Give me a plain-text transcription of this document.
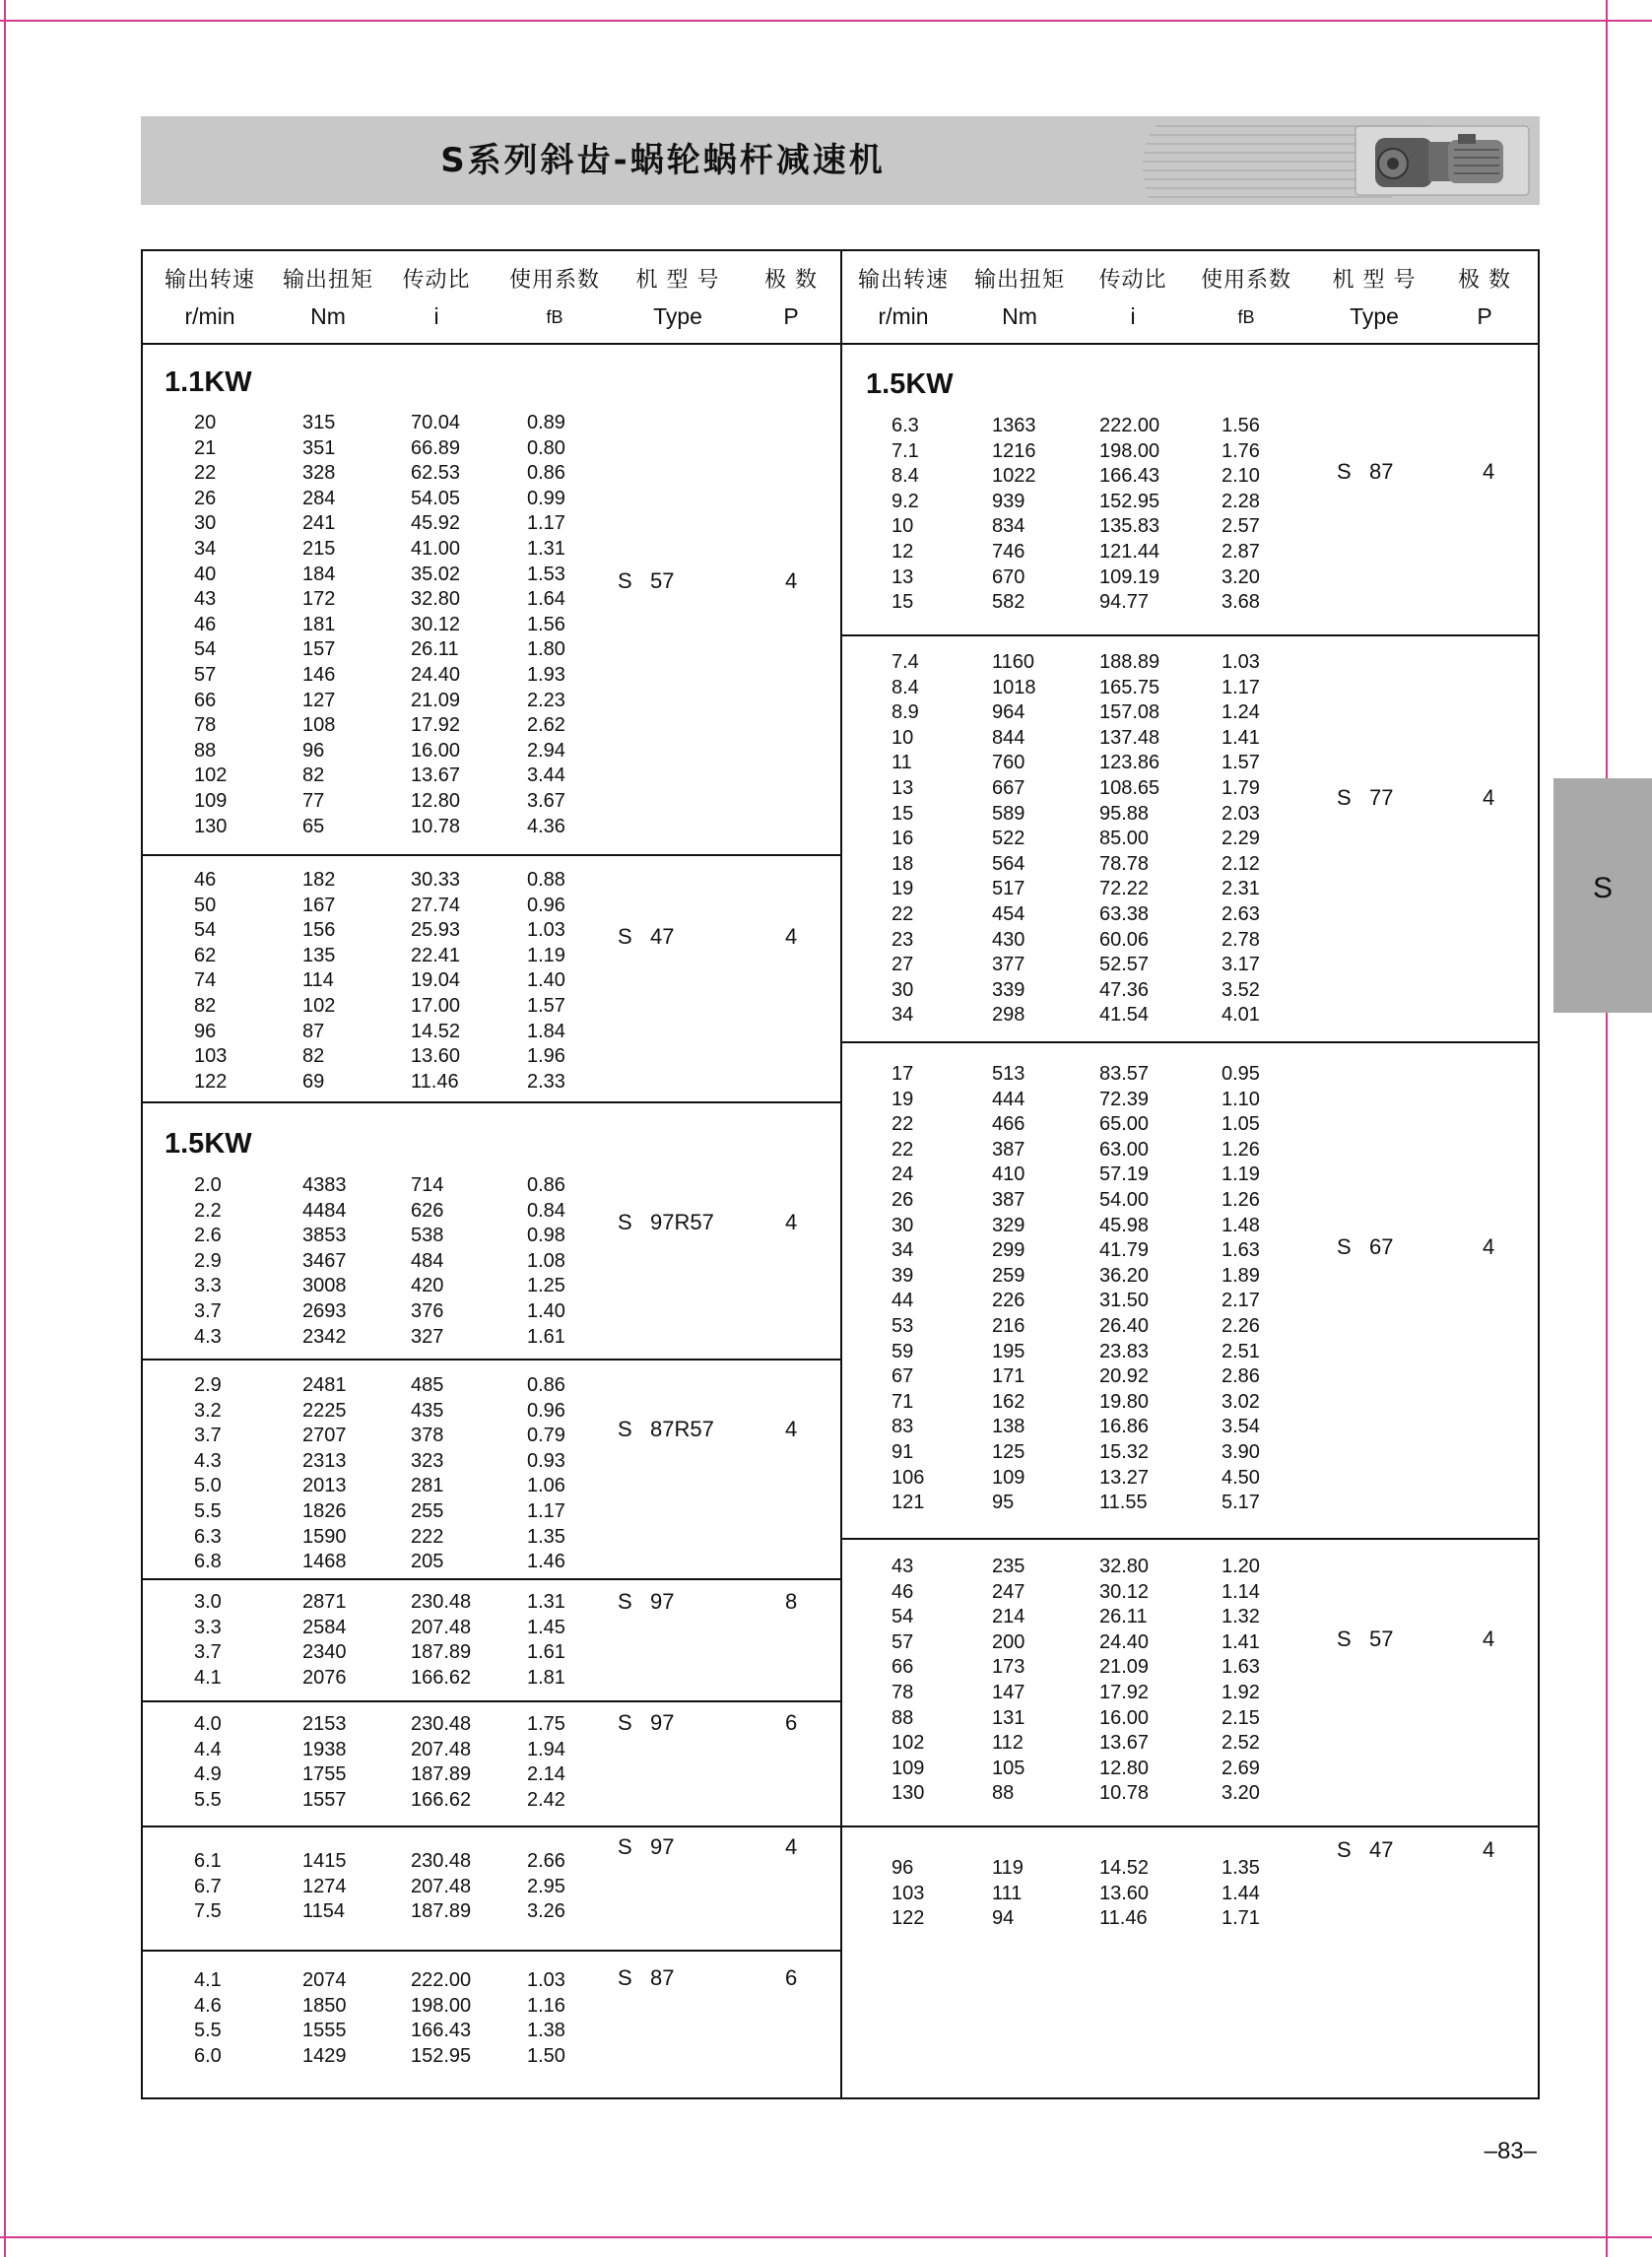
S系列斜齿-蜗轮蜗杆减速机
输出转速 输出扭矩	传动比	使用系数	机 型 号	极 数
r/min	Nm	i	fB	Type	P
输出转速 输出扭矩	传动比	使用系数	机 型 号	极 数
r/min	Nm	i	fB	Type	P
1.1KW
20	315	70.04	0.89
21	351	66.89	0.80
22	328	62.53	0.86
26	284	54.05	0.99
30	241	45.92	1.17
34	215	41.00	1.31
40	184	35.02	1.53
43	172	32.80	1.64
46	181	30.12	1.56
54	157	26.11	1.80
57	146	24.40	1.93
66	127	21.09	2.23
78	108	17.92	2.62
88	96	16.00	2.94
102	82	13.67	3.44
109	77	12.80	3.67
130	65	10.78	4.36
S   57	4
46	182	30.33	0.88
50	167	27.74	0.96
54	156	25.93	1.03
62	135	22.41	1.19
74	114	19.04	1.40
82	102	17.00	1.57
96	87	14.52	1.84
103	82	13.60	1.96
122	69	11.46	2.33
S   47	4
1.5KW
2.0	4383	714	0.86
2.2	4484	626	0.84
2.6	3853	538	0.98
2.9	3467	484	1.08
3.3	3008	420	1.25
3.7	2693	376	1.40
4.3	2342	327	1.61
S   97R57	4
2.9	2481	485	0.86
3.2	2225	435	0.96
3.7	2707	378	0.79
4.3	2313	323	0.93
5.0	2013	281	1.06
5.5	1826	255	1.17
6.3	1590	222	1.35
6.8	1468	205	1.46
S   87R57	4
3.0	2871	230.48	1.31
3.3	2584	207.48	1.45
3.7	2340	187.89	1.61
4.1	2076	166.62	1.81
S   97	8
4.0	2153	230.48	1.75
4.4	1938	207.48	1.94
4.9	1755	187.89	2.14
5.5	1557	166.62	2.42
S   97	6
6.1	1415	230.48	2.66
6.7	1274	207.48	2.95
7.5	1154	187.89	3.26
S   97	4
4.1	2074	222.00	1.03
4.6	1850	198.00	1.16
5.5	1555	166.43	1.38
6.0	1429	152.95	1.50
S   87	6
1.5KW
6.3	1363	222.00	1.56
7.1	1216	198.00	1.76
8.4	1022	166.43	2.10
9.2	939	152.95	2.28
10	834	135.83	2.57
12	746	121.44	2.87
13	670	109.19	3.20
15	582	94.77	3.68
S   87	4
7.4	1160	188.89	1.03
8.4	1018	165.75	1.17
8.9	964	157.08	1.24
10	844	137.48	1.41
11	760	123.86	1.57
13	667	108.65	1.79
15	589	95.88	2.03
16	522	85.00	2.29
18	564	78.78	2.12
19	517	72.22	2.31
22	454	63.38	2.63
23	430	60.06	2.78
27	377	52.57	3.17
30	339	47.36	3.52
34	298	41.54	4.01
S   77	4
17	513	83.57	0.95
19	444	72.39	1.10
22	466	65.00	1.05
22	387	63.00	1.26
24	410	57.19	1.19
26	387	54.00	1.26
30	329	45.98	1.48
34	299	41.79	1.63
39	259	36.20	1.89
44	226	31.50	2.17
53	216	26.40	2.26
59	195	23.83	2.51
67	171	20.92	2.86
71	162	19.80	3.02
83	138	16.86	3.54
91	125	15.32	3.90
106	109	13.27	4.50
121	95	11.55	5.17
S   67	4
43	235	32.80	1.20
46	247	30.12	1.14
54	214	26.11	1.32
57	200	24.40	1.41
66	173	21.09	1.63
78	147	17.92	1.92
88	131	16.00	2.15
102	112	13.67	2.52
109	105	12.80	2.69
130	88	10.78	3.20
S   57	4
96	119	14.52	1.35
103	111	13.60	1.44
122	94	11.46	1.71
S   47	4
S
–83–
